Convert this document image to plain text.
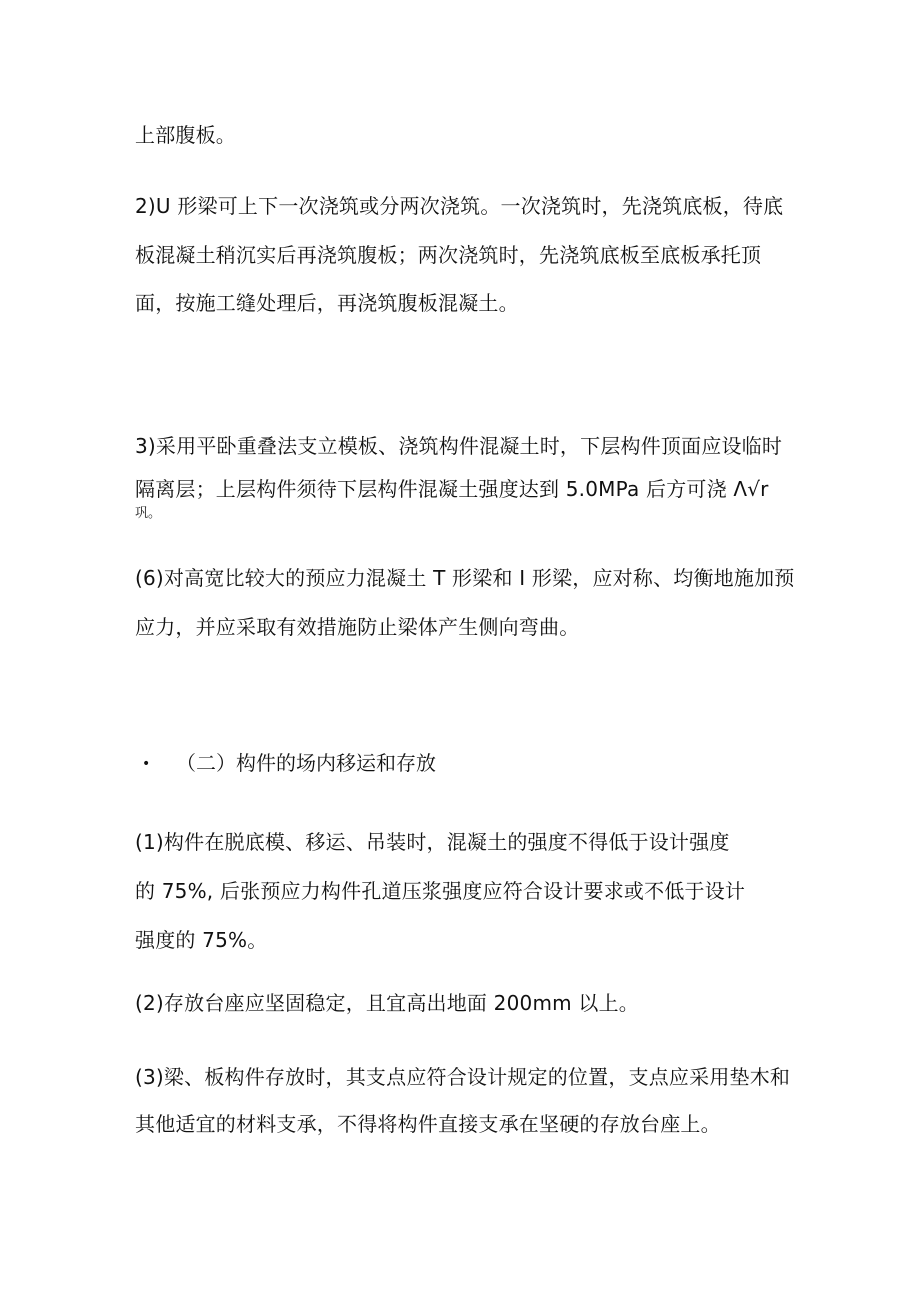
上部腹板。
2)U 形梁可上下一次浇筑或分两次浇筑。一次浇筑时，先浇筑底板，待底
板混凝土稍沉实后再浇筑腹板；两次浇筑时，先浇筑底板至底板承托顶
面，按施工缝处理后，再浇筑腹板混凝土。
3)采用平卧重叠法支立模板、浇筑构件混凝土时，下层构件顶面应设临时
隔离层；上层构件须待下层构件混凝土强度达到 5.0MPa 后方可浇 Λ√r
巩。
(6)对高宽比较大的预应力混凝土 T 形梁和 I 形梁，应对称、均衡地施加预
应力，并应采取有效措施防止梁体产生侧向弯曲。
• （二）构件的场内移运和存放
(1)构件在脱底模、移运、吊装时，混凝土的强度不得低于设计强度
的 75%, 后张预应力构件孔道压浆强度应符合设计要求或不低于设计
强度的 75%。
(2)存放台座应坚固稳定，且宜高出地面 200mm 以上。
(3)梁、板构件存放时，其支点应符合设计规定的位置，支点应采用垫木和
其他适宜的材料支承，不得将构件直接支承在坚硬的存放台座上。
